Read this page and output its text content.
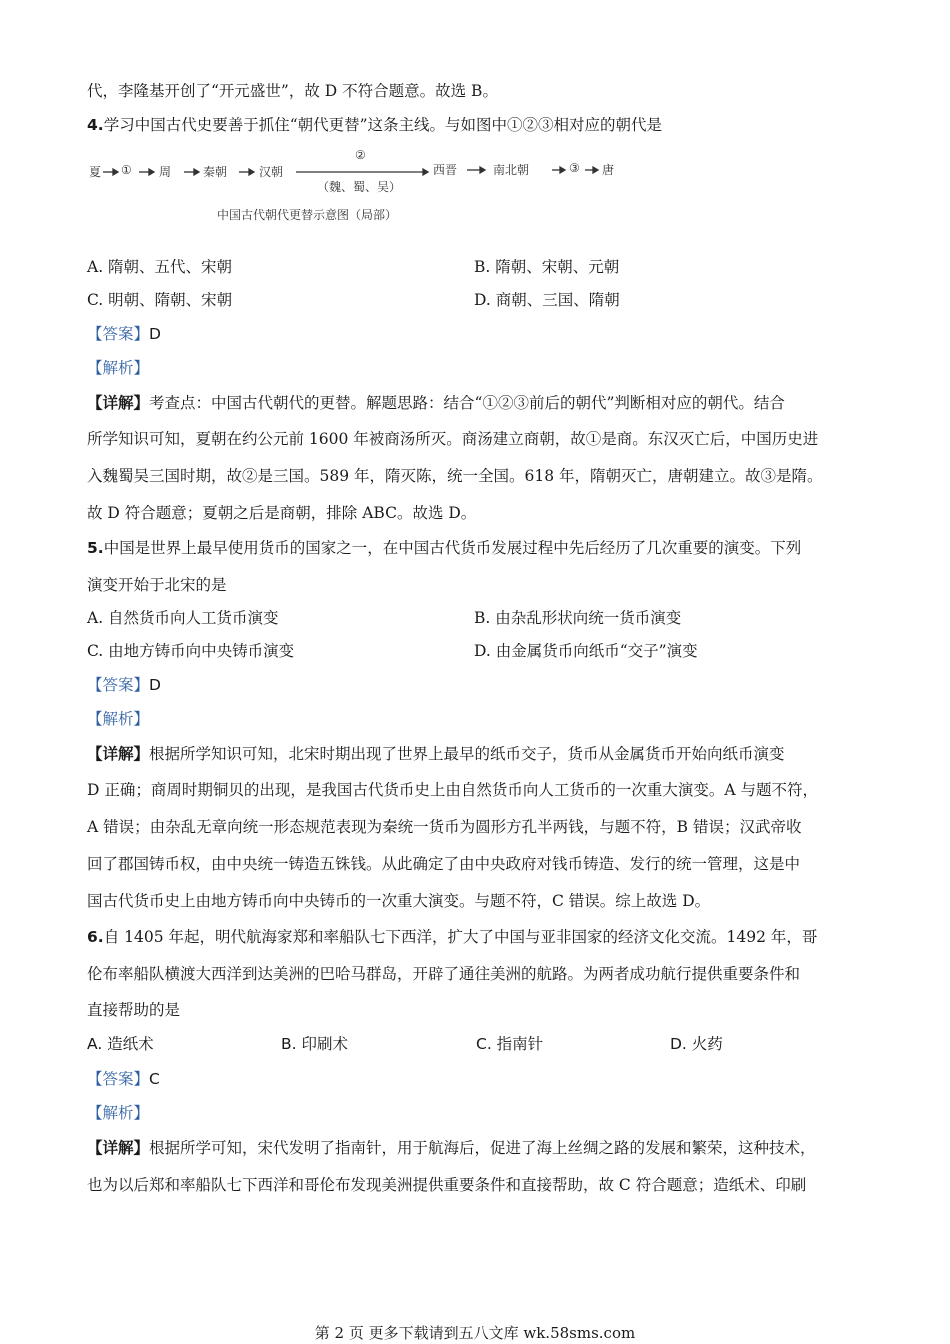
代，李隆基开创了“开元盛世”，故 D 不符合题意。故选 B。
4.学习中国古代史要善于抓住“朝代更替”这条主线。与如图中①②③相对应的朝代是
夏 ① 周	秦朝	汉朝
②
（魏、蜀、吴）
西晋	南北朝	③ 唐
中国古代朝代更替示意图（局部）
A. 隋朝、五代、宋朝	B. 隋朝、宋朝、元朝
C. 明朝、隋朝、宋朝	D. 商朝、三国、隋朝
【答案】D
【解析】
【详解】考查点：中国古代朝代的更替。解题思路：结合“①②③前后的朝代”判断相对应的朝代。结合
所学知识可知，夏朝在约公元前 1600 年被商汤所灭。商汤建立商朝，故①是商。东汉灭亡后，中国历史进
入魏蜀吴三国时期，故②是三国。589 年，隋灭陈，统一全国。618 年，隋朝灭亡，唐朝建立。故③是隋。
故 D 符合题意；夏朝之后是商朝，排除 ABC。故选 D。
5.中国是世界上最早使用货币的国家之一，在中国古代货币发展过程中先后经历了几次重要的演变。下列
演变开始于北宋的是
A. 自然货币向人工货币演变	B. 由杂乱形状向统一货币演变
C. 由地方铸币向中央铸币演变	D. 由金属货币向纸币“交子”演变
【答案】D
【解析】
【详解】根据所学知识可知，北宋时期出现了世界上最早的纸币交子，货币从金属货币开始向纸币演变
D 正确；商周时期铜贝的出现，是我国古代货币史上由自然货币向人工货币的一次重大演变。A 与题不符，
A 错误；由杂乱无章向统一形态规范表现为秦统一货币为圆形方孔半两钱，与题不符，B 错误；汉武帝收
回了郡国铸币权，由中央统一铸造五铢钱。从此确定了由中央政府对钱币铸造、发行的统一管理，这是中
国古代货币史上由地方铸币向中央铸币的一次重大演变。与题不符，C 错误。综上故选 D。
6.自 1405 年起，明代航海家郑和率船队七下西洋，扩大了中国与亚非国家的经济文化交流。1492 年，哥
伦布率船队横渡大西洋到达美洲的巴哈马群岛，开辟了通往美洲的航路。为两者成功航行提供重要条件和
直接帮助的是
A. 造纸术	B. 印刷术	C. 指南针	D. 火药
【答案】C
【解析】
【详解】根据所学可知，宋代发明了指南针，用于航海后，促进了海上丝绸之路的发展和繁荣，这种技术，
也为以后郑和率船队七下西洋和哥伦布发现美洲提供重要条件和直接帮助，故 C 符合题意；造纸术、印刷
第 2 页 更多下载请到五八文库 wk.58sms.com
